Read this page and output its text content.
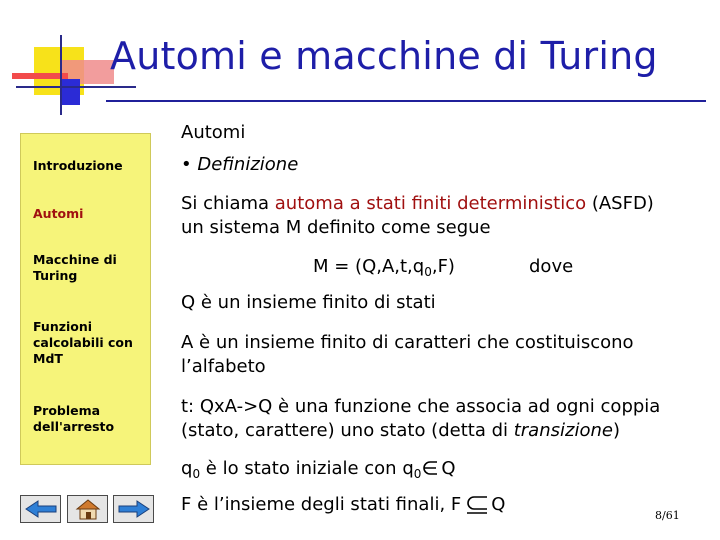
Automi e macchine di Turing
Introduzione
Automi
Macchine di Turing
Funzioni calcolabili con MdT
Problema dell'arresto
Automi
• Definizione
Si chiama automa a stati finiti deterministico (ASFD)
un sistema M definito come segue
$M = (Q,A,t,q_0,F)$	dove
Q è un insieme finito di stati
A è un insieme finito di caratteri che costituiscono
l’alfabeto
t: QxA->Q è una funzione che associa ad ogni coppia
(stato, carattere) uno stato (detta di transizione)
$q_0$ è lo stato iniziale con $q_0$ Q
F è l’insieme degli stati finali, F Q
8/61
